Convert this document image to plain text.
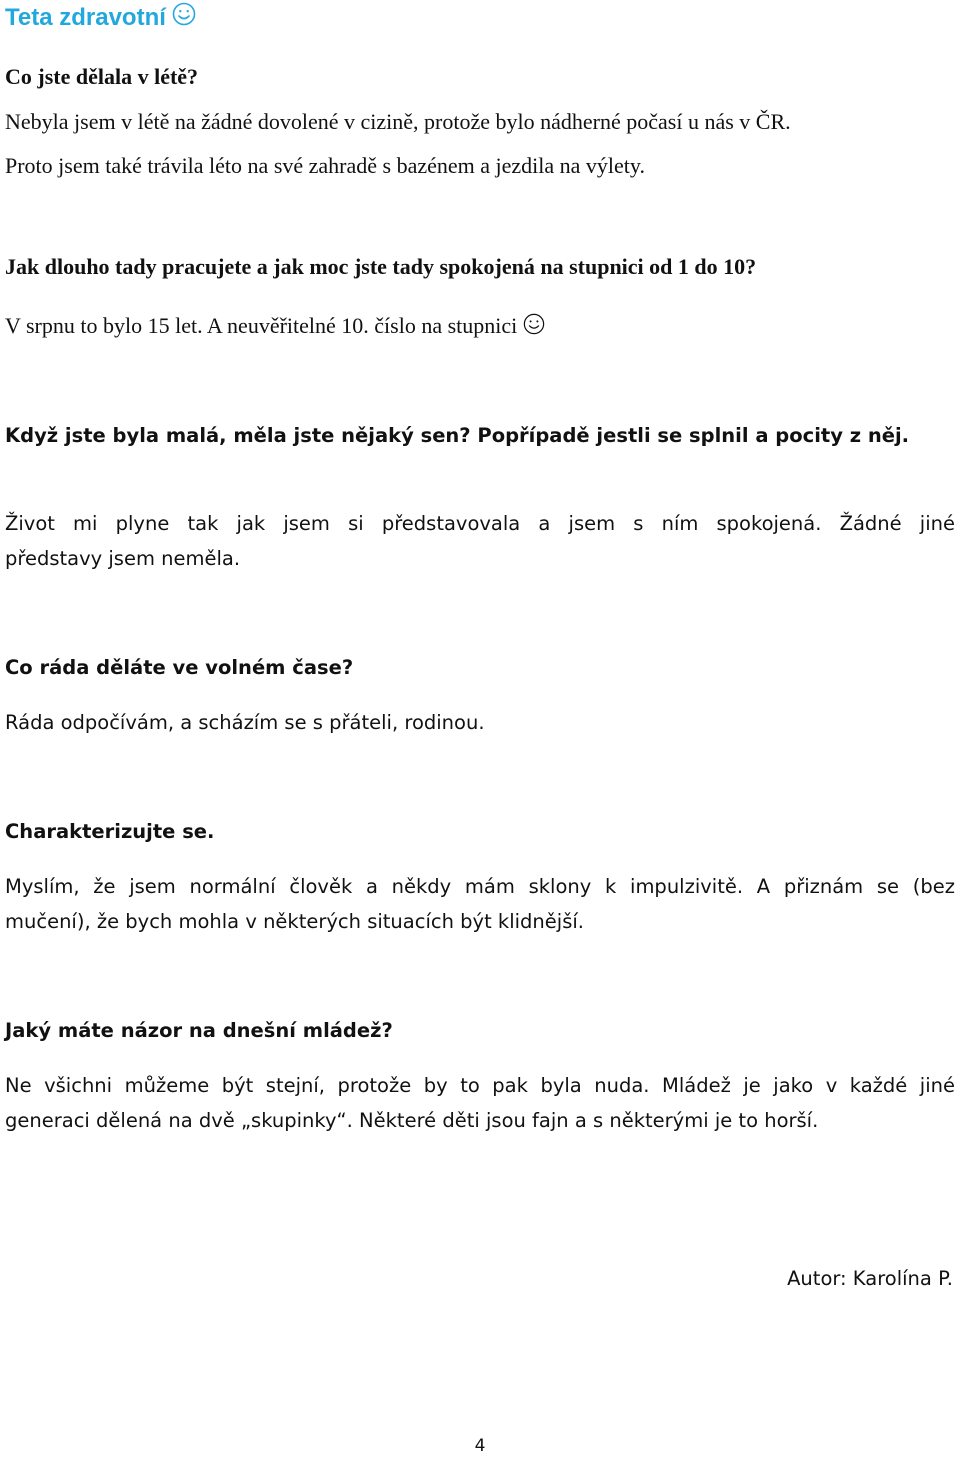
Teta zdravotní
Co jste dělala v létě?
Nebyla jsem v létě na žádné dovolené v cizině, protože bylo nádherné počasí u nás v ČR.
Proto jsem také trávila léto na své zahradě s bazénem a jezdila na výlety.
Jak dlouho tady pracujete a jak moc jste tady spokojená na stupnici od 1 do 10?
V srpnu to bylo 15 let. A neuvěřitelné 10. číslo na stupnici
Když jste byla malá, měla jste nějaký sen? Popřípadě jestli se splnil a pocity z něj.
Život mi plyne tak jak jsem si představovala a jsem s ním spokojená. Žádné jiné
představy jsem neměla.
Co ráda děláte ve volném čase?
Ráda odpočívám, a scházím se s přáteli, rodinou.
Charakterizujte se.
Myslím, že jsem normální člověk a někdy mám sklony k impulzivitě. A přiznám se (bez
mučení), že bych mohla v některých situacích být klidnější.
Jaký máte názor na dnešní mládež?
Ne všichni můžeme být stejní, protože by to pak byla nuda. Mládež je jako v každé jiné
generaci dělená na dvě „skupinky“. Některé děti jsou fajn a s některými je to horší.
Autor: Karolína P.
4
